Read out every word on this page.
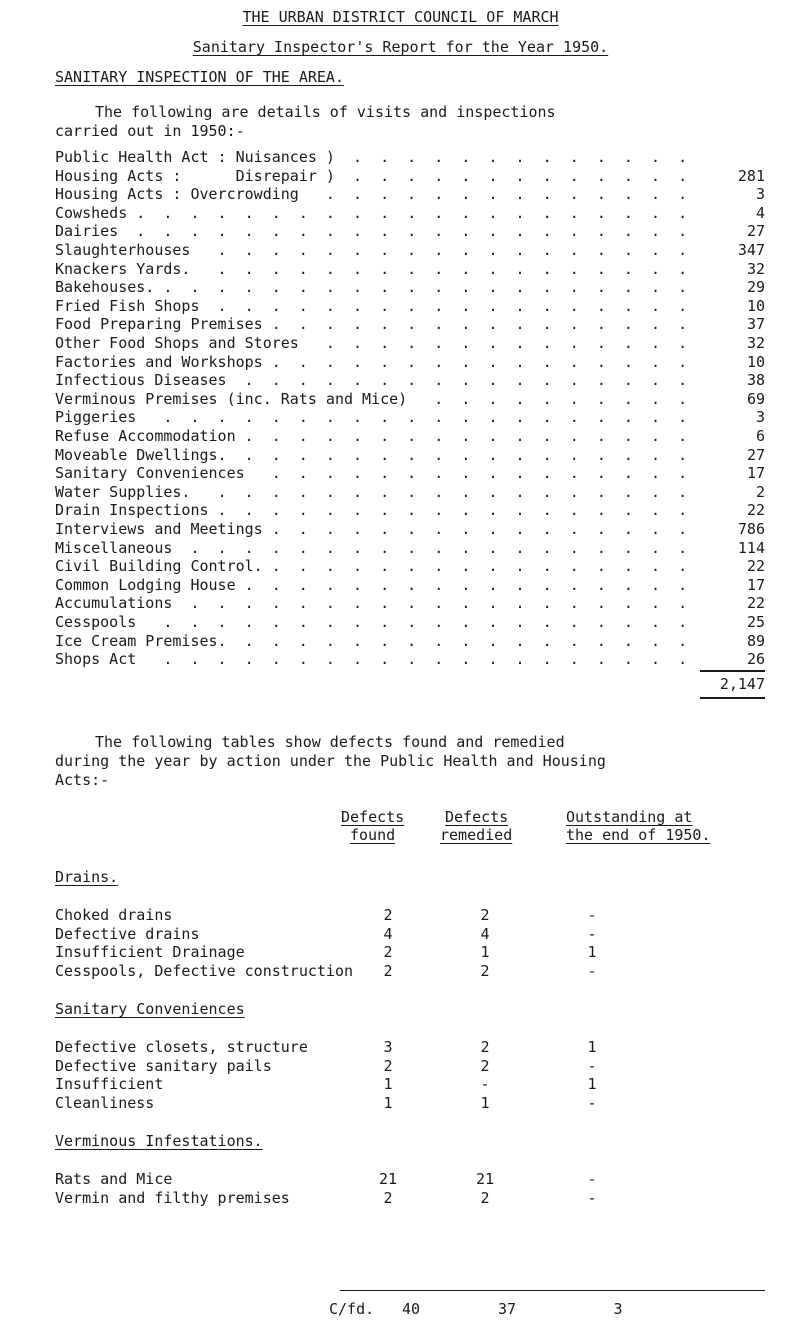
THE URBAN DISTRICT COUNCIL OF MARCH
Sanitary Inspector's Report for the Year 1950.
SANITARY INSPECTION OF THE AREA.
The following are details of visits and inspections
carried out in 1950:-
Public Health Act : Nuisances ) .  .  .  .  .  .  .  .  .  .  .  .  .
Housing Acts :      Disrepair )	281
.  .  .  .  .  .  .  .  .  .  .  .  .
Housing Acts : Overcrowding	3
.  .  .  .  .  .  .  .  .  .  .  .  .  .
Cowsheds	4
.  .  .  .  .  .  .  .  .  .  .  .  .  .  .  .  .  .  .  .  .
Dairies	27
.  .  .  .  .  .  .  .  .  .  .  .  .  .  .  .  .  .  .  .  .
Slaughterhouses	347
.  .  .  .  .  .  .  .  .  .  .  .  .  .  .  .  .  .
Knackers Yards.	32
.  .  .  .  .  .  .  .  .  .  .  .  .  .  .  .  .  .
Bakehouses.	29
.  .  .  .  .  .  .  .  .  .  .  .  .  .  .  .  .  .  .  .
Fried Fish Shops	10
.  .  .  .  .  .  .  .  .  .  .  .  .  .  .  .  .  .
Food Preparing Premises	37
.  .  .  .  .  .  .  .  .  .  .  .  .  .  .  .
Other Food Shops and Stores	32
.  .  .  .  .  .  .  .  .  .  .  .  .  .
Factories and Workshops	10
.  .  .  .  .  .  .  .  .  .  .  .  .  .  .  .
Infectious Diseases	38
.  .  .  .  .  .  .  .  .  .  .  .  .  .  .  .  .
Verminous Premises (inc. Rats and Mice)	69
.  .  .  .  .  .  .  .  .  .
Piggeries	3
.  .  .  .  .  .  .  .  .  .  .  .  .  .  .  .  .  .  .  .
Refuse Accommodation	6
.  .  .  .  .  .  .  .  .  .  .  .  .  .  .  .  .
Moveable Dwellings.	27
.  .  .  .  .  .  .  .  .  .  .  .  .  .  .  .  .
Sanitary Conveniences	17
.  .  .  .  .  .  .  .  .  .  .  .  .  .  .  .
Water Supplies.	2
.  .  .  .  .  .  .  .  .  .  .  .  .  .  .  .  .  .
Drain Inspections	22
.  .  .  .  .  .  .  .  .  .  .  .  .  .  .  .  .  .
Interviews and Meetings	786
.  .  .  .  .  .  .  .  .  .  .  .  .  .  .  .
Miscellaneous	114
.  .  .  .  .  .  .  .  .  .  .  .  .  .  .  .  .  .  .
Civil Building Control.	22
.  .  .  .  .  .  .  .  .  .  .  .  .  .  .  .
Common Lodging House	17
.  .  .  .  .  .  .  .  .  .  .  .  .  .  .  .  .
Accumulations	22
.  .  .  .  .  .  .  .  .  .  .  .  .  .  .  .  .  .  .
Cesspools	25
.  .  .  .  .  .  .  .  .  .  .  .  .  .  .  .  .  .  .  .
Ice Cream Premises.	89
.  .  .  .  .  .  .  .  .  .  .  .  .  .  .  .  .
Shops Act	26
.  .  .  .  .  .  .  .  .  .  .  .  .  .  .  .  .  .  .  .
2,147
The following tables show defects found and remedied
during the year by action under the Public Health and Housing
Acts:-
Defects
found
Defects
remedied
Outstanding at
the end of 1950.
Drains.
Choked drains	2	2	-
Defective drains	4	4	-
Insufficient Drainage	2	1	1
Cesspools, Defective construction	2	2	-
Sanitary Conveniences
Defective closets, structure	3	2	1
Defective sanitary pails	2	2	-
Insufficient	1	-	1
Cleanliness	1	1	-
Verminous Infestations.
Rats and Mice	21	21	-
Vermin and filthy premises	2	2	-
C/fd.	40	37	3
